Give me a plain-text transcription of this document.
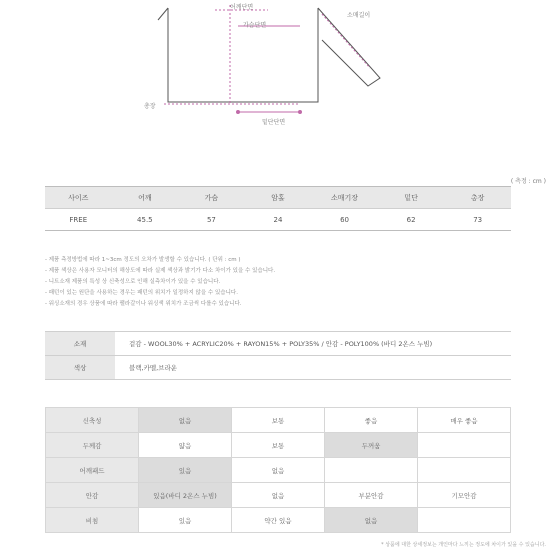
어깨단면
가슴단면
소매길이
총장
밑단단면
( 측정 : cm )
사이즈	어깨	가슴	암홀	소매기장	밑단	총장
FREE	45.5	57	24	60	62	73
- 제품 측정방법에 따라 1~3cm 정도의 오차가 발생할 수 있습니다. ( 단위 : cm )
- 제품 색상은 사용자 모니터의 해상도에 따라 실제 색상과 밝기가 다소 차이가 있을 수 있습니다.
- 니트소재 제품의 특성 상 신축성으로 인해 실측차이가 있을 수 있습니다.
- 패턴이 있는 원단을 사용하는 경우는 패턴의 위치가 일정하지 않을 수 있습니다.
- 워싱소재의 경우 상품에 따라 팰라갈이나 워싱색 위치가 조금씩 다를수 있습니다.
소재	겉감 - WOOL30% + ACRYLIC20% + RAYON15% + POLY35% / 안감 - POLY100% (바디 2온스 누빔)
색상	블랙,카멜,브라운
신축성	없음	보통	좋음	매우 좋음
두께감	얇음	보통	두꺼움	
어깨패드	있음	없음		
안감	있음(바디 2온스 누빔)	없음	부분안감	기모안감
비침	있음	약간 있음	없음	
* 상품에 대한 상세정보는 개인마다 느끼는 정도에 차이가 있을 수 있습니다.
